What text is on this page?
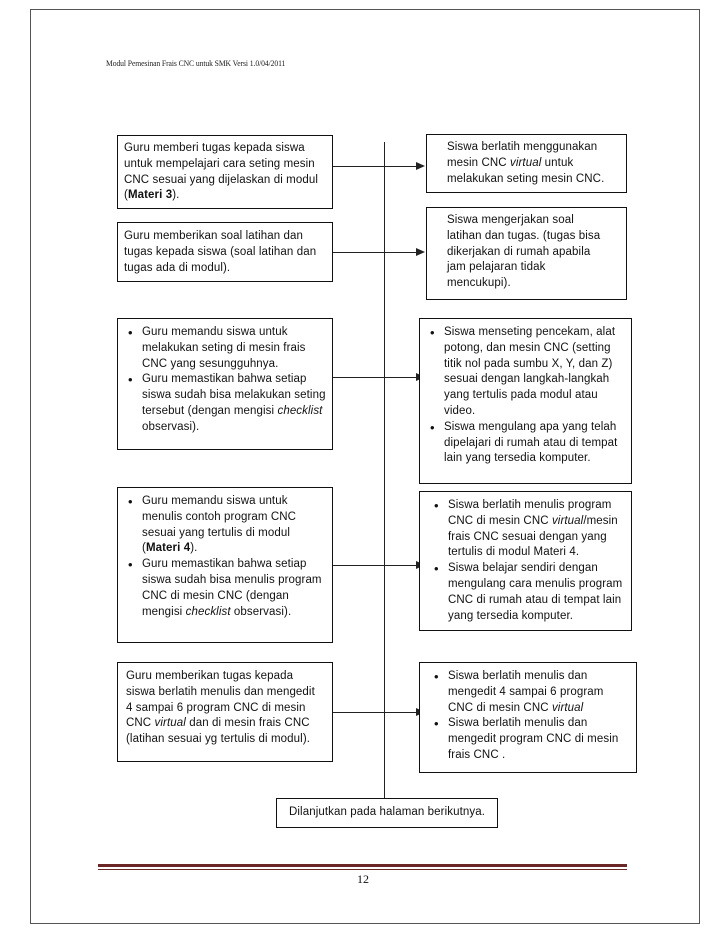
Modul Pemesinan Frais CNC untuk SMK Versi 1.0/04/2011

Guru memberi tugas kepada siswa untuk mempelajari cara seting mesin CNC sesuai yang dijelaskan di modul (Materi 3).

Guru memberikan soal latihan dan tugas kepada siswa (soal latihan dan tugas ada di modul).

• Guru memandu siswa untuk melakukan seting di mesin frais CNC yang sesungguhnya.
• Guru memastikan bahwa setiap siswa sudah bisa melakukan seting tersebut (dengan mengisi checklist observasi).
• Guru memandu siswa untuk menulis contoh program CNC sesuai yang tertulis di modul (Materi 4).
• Guru memastikan bahwa setiap siswa sudah bisa menulis program CNC di mesin CNC (dengan mengisi checklist observasi).

Guru memberikan tugas kepada siswa berlatih menulis dan mengedit 4 sampai 6 program CNC di mesin CNC virtual dan di mesin frais CNC (latihan sesuai yg tertulis di modul).

Siswa berlatih menggunakan mesin CNC virtual untuk melakukan seting mesin CNC.

Siswa mengerjakan soal latihan dan tugas. (tugas bisa dikerjakan di rumah apabila jam pelajaran tidak mencukupi).

• Siswa menseting pencekam, alat potong, dan mesin CNC (setting titik nol pada sumbu X, Y, dan Z) sesuai dengan langkah-langkah yang tertulis pada modul atau video.
• Siswa mengulang apa yang telah dipelajari di rumah atau di tempat lain yang tersedia komputer.
• Siswa berlatih menulis program CNC di mesin CNC virtual/mesin frais CNC sesuai dengan yang tertulis di modul Materi 4.
• Siswa belajar sendiri dengan mengulang cara menulis program CNC di rumah atau di tempat lain yang tersedia komputer.
• Siswa berlatih menulis dan mengedit 4 sampai 6 program CNC di mesin CNC virtual
• Siswa berlatih menulis dan mengedit program CNC di mesin frais CNC .

Dilanjutkan pada halaman berikutnya.

12
